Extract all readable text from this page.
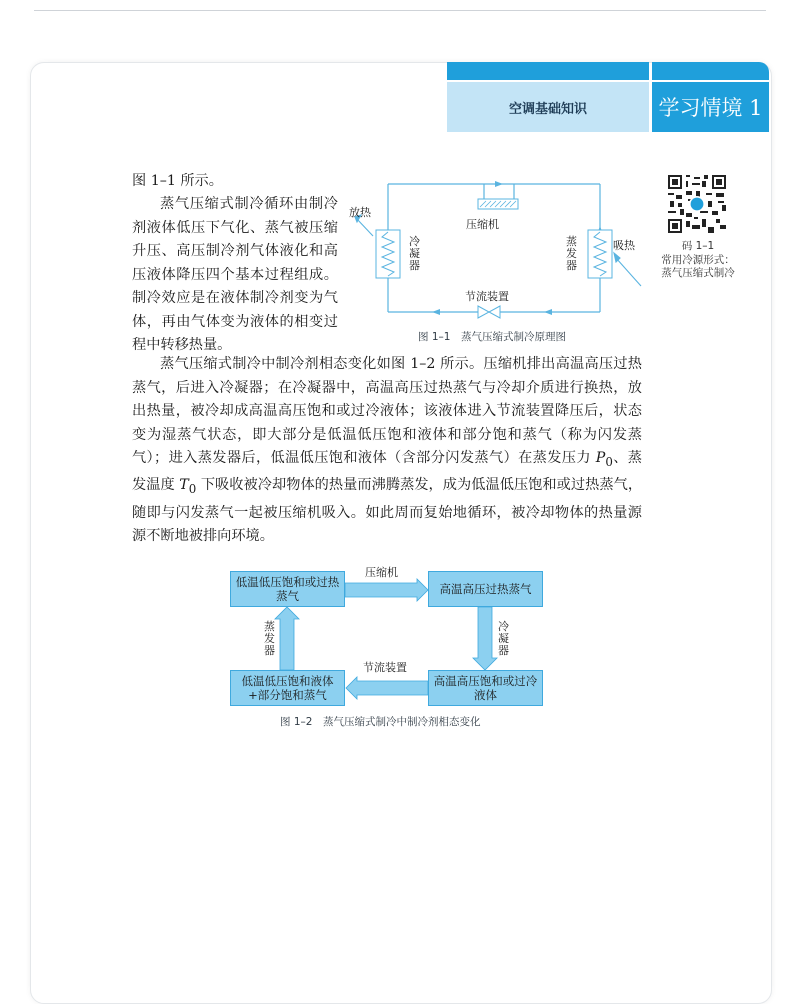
空调基础知识	学习情境 1

图 1–1 所示。

蒸气压缩式制冷循环由制冷剂液体低压下气化、蒸气被压缩升压、高压制冷剂气体液化和高压液体降压四个基本过程组成。制冷效应是在液体制冷剂变为气体，再由气体变为液体的相变过程中转移热量。

蒸气压缩式制冷中制冷剂相态变化如图 1–2 所示。压缩机排出高温高压过热蒸气，后进入冷凝器；在冷凝器中，高温高压过热蒸气与冷却介质进行换热，放出热量，被冷却成高温高压饱和或过冷液体；该液体进入节流装置降压后，状态变为湿蒸气状态，即大部分是低温低压饱和液体和部分饱和蒸气（称为闪发蒸气）；进入蒸发器后，低温低压饱和液体（含部分闪发蒸气）在蒸发压力 $P_0$、蒸发温度 $T_0$ 下吸收被冷却物体的热量而沸腾蒸发，成为低温低压饱和或过热蒸气，随即与闪发蒸气一起被压缩机吸入。如此周而复始地循环，被冷却物体的热量源源不断地被排向环境。

压缩机
放热
吸热
冷凝器
蒸发器
节流装置
图 1–1　蒸气压缩式制冷原理图
码 1–1
常用冷源形式：蒸气压缩式制冷
低温低压饱和或过热蒸气	高温高压过热蒸气
高温高压饱和或过冷液体
低温低压饱和液体+部分饱和蒸气
压缩机
冷凝器
节流装置
蒸发器
图 1–2　蒸气压缩式制冷中制冷剂相态变化
